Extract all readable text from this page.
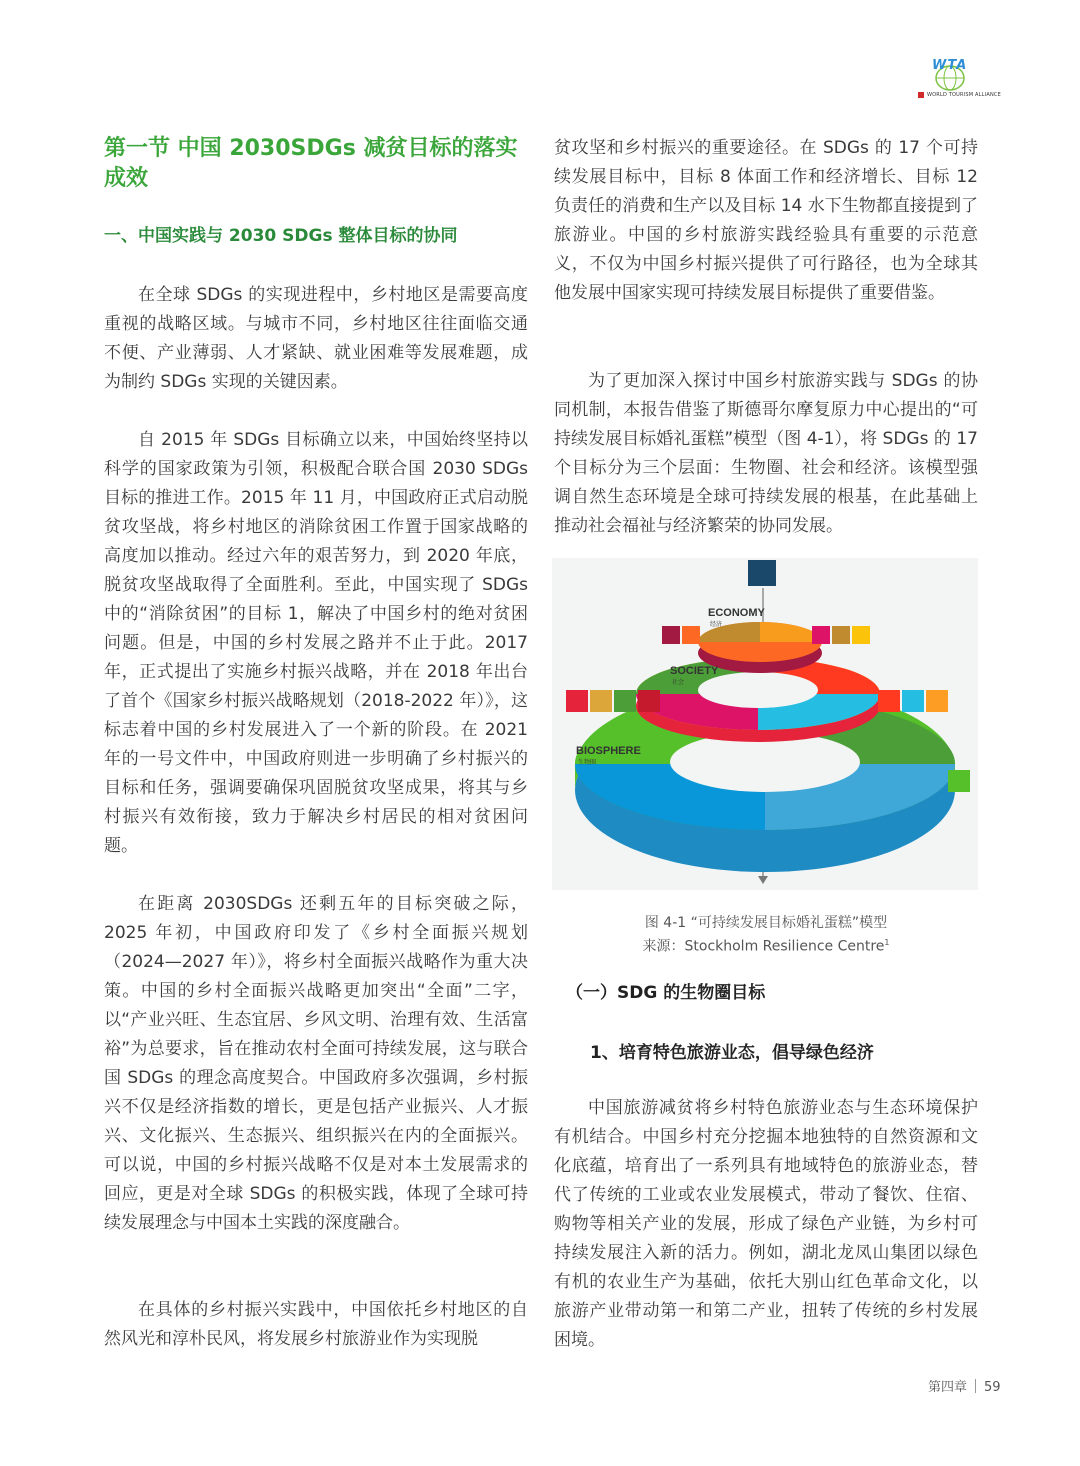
WTA
WORLD TOURISM ALLIANCE
第一节 中国 2030SDGs 减贫目标的落实成效
一、中国实践与 2030 SDGs 整体目标的协同

在全球 SDGs 的实现进程中，乡村地区是需要高度重视的战略区域。与城市不同，乡村地区往往面临交通不便、产业薄弱、人才紧缺、就业困难等发展难题，成为制约 SDGs 实现的关键因素。

自 2015 年 SDGs 目标确立以来，中国始终坚持以科学的国家政策为引领，积极配合联合国 2030 SDGs 目标的推进工作。2015 年 11 月，中国政府正式启动脱贫攻坚战，将乡村地区的消除贫困工作置于国家战略的高度加以推动。经过六年的艰苦努力，到 2020 年底，脱贫攻坚战取得了全面胜利。至此，中国实现了 SDGs 中的“消除贫困”的目标 1，解决了中国乡村的绝对贫困问题。但是，中国的乡村发展之路并不止于此。2017 年，正式提出了实施乡村振兴战略，并在 2018 年出台了首个《国家乡村振兴战略规划（2018-2022 年）》，这标志着中国的乡村发展进入了一个新的阶段。在 2021 年的一号文件中，中国政府则进一步明确了乡村振兴的目标和任务，强调要确保巩固脱贫攻坚成果，将其与乡村振兴有效衔接，致力于解决乡村居民的相对贫困问题。

在距离 2030SDGs 还剩五年的目标突破之际，2025 年初，中国政府印发了《乡村全面振兴规划（2024—2027 年）》，将乡村全面振兴战略作为重大决策。中国的乡村全面振兴战略更加突出“全面”二字，以“产业兴旺、生态宜居、乡风文明、治理有效、生活富裕”为总要求，旨在推动农村全面可持续发展，这与联合国 SDGs 的理念高度契合。中国政府多次强调，乡村振兴不仅是经济指数的增长，更是包括产业振兴、人才振兴、文化振兴、生态振兴、组织振兴在内的全面振兴。可以说，中国的乡村振兴战略不仅是对本土发展需求的回应，更是对全球 SDGs 的积极实践，体现了全球可持续发展理念与中国本土实践的深度融合。

在具体的乡村振兴实践中，中国依托乡村地区的自然风光和淳朴民风，将发展乡村旅游业作为实现脱

贫攻坚和乡村振兴的重要途径。在 SDGs 的 17 个可持续发展目标中，目标 8 体面工作和经济增长、目标 12 负责任的消费和生产以及目标 14 水下生物都直接提到了旅游业。中国的乡村旅游实践经验具有重要的示范意义，不仅为中国乡村振兴提供了可行路径，也为全球其他发展中国家实现可持续发展目标提供了重要借鉴。

为了更加深入探讨中国乡村旅游实践与 SDGs 的协同机制，本报告借鉴了斯德哥尔摩复原力中心提出的“可持续发展目标婚礼蛋糕”模型（图 4-1），将 SDGs 的 17 个目标分为三个层面：生物圈、社会和经济。该模型强调自然生态环境是全球可持续发展的根基，在此基础上推动社会福祉与经济繁荣的协同发展。

ECONOMY
经济
SOCIETY
社会
BIOSPHERE
生物圈

图 4-1 “可持续发展目标婚礼蛋糕”模型
来源：Stockholm Resilience Centre$^1$

（一）SDG 的生物圈目标
1、培育特色旅游业态，倡导绿色经济

中国旅游减贫将乡村特色旅游业态与生态环境保护有机结合。中国乡村充分挖掘本地独特的自然资源和文化底蕴，培育出了一系列具有地域特色的旅游业态，替代了传统的工业或农业发展模式，带动了餐饮、住宿、购物等相关产业的发展，形成了绿色产业链，为乡村可持续发展注入新的活力。例如，湖北龙凤山集团以绿色有机的农业生产为基础，依托大别山红色革命文化，以旅游产业带动第一和第二产业，扭转了传统的乡村发展困境。

第四章 59
